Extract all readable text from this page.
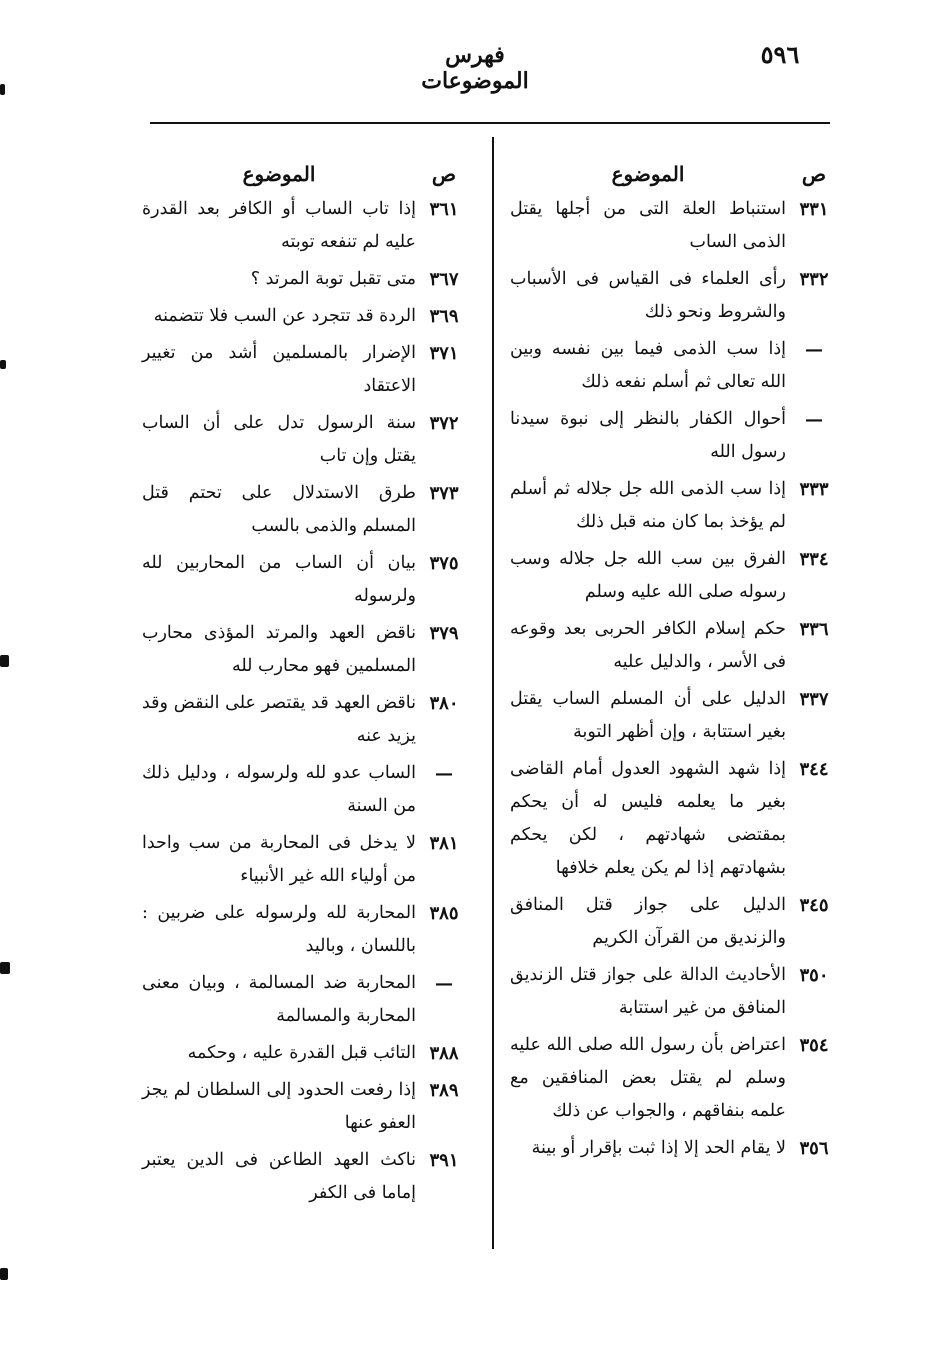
٥٩٦
فهرس الموضوعات
ص
الموضوع
٣٣١
استنباط العلة التى من أجلها يقتل الذمى الساب
٣٣٢
رأى العلماء فى القياس فى الأسباب والشروط ونحو ذلك
—
إذا سب الذمى فيما بين نفسه وبين الله تعالى ثم أسلم نفعه ذلك
—
أحوال الكفار بالنظر إلى نبوة سيدنا رسول الله
٣٣٣
إذا سب الذمى الله جل جلاله ثم أسلم لم يؤخذ بما كان منه قبل ذلك
٣٣٤
الفرق بين سب الله جل جلاله وسب رسوله صلى الله عليه وسلم
٣٣٦
حكم إسلام الكافر الحربى بعد وقوعه فى الأسر ، والدليل عليه
٣٣٧
الدليل على أن المسلم الساب يقتل بغير استتابة ، وإن أظهر التوبة
٣٤٤
إذا شهد الشهود العدول أمام القاضى بغير ما يعلمه فليس له أن يحكم بمقتضى شهادتهم ، لكن يحكم بشهادتهم إذا لم يكن يعلم خلافها
٣٤٥
الدليل على جواز قتل المنافق والزنديق من القرآن الكريم
٣٥٠
الأحاديث الدالة على جواز قتل الزنديق المنافق من غير استتابة
٣٥٤
اعتراض بأن رسول الله صلى الله عليه وسلم لم يقتل بعض المنافقين مع علمه بنفاقهم ، والجواب عن ذلك
٣٥٦
لا يقام الحد إلا إذا ثبت بإقرار أو بينة
ص
الموضوع
٣٦١
إذا تاب الساب أو الكافر بعد القدرة عليه لم تنفعه توبته
٣٦٧
متى تقبل توبة المرتد ؟
٣٦٩
الردة قد تتجرد عن السب فلا تتضمنه
٣٧١
الإضرار بالمسلمين أشد من تغيير الاعتقاد
٣٧٢
سنة الرسول تدل على أن الساب يقتل وإن تاب
٣٧٣
طرق الاستدلال على تحتم قتل المسلم والذمى بالسب
٣٧٥
بيان أن الساب من المحاربين لله ولرسوله
٣٧٩
ناقض العهد والمرتد المؤذى محارب المسلمين فهو محارب لله
٣٨٠
ناقض العهد قد يقتصر على النقض وقد يزيد عنه
—
الساب عدو لله ولرسوله ، ودليل ذلك من السنة
٣٨١
لا يدخل فى المحاربة من سب واحدا من أولياء الله غير الأنبياء
٣٨٥
المحاربة لله ولرسوله على ضربين : باللسان ، وباليد
—
المحاربة ضد المسالمة ، وبيان معنى المحاربة والمسالمة
٣٨٨
التائب قبل القدرة عليه ، وحكمه
٣٨٩
إذا رفعت الحدود إلى السلطان لم يجز العفو عنها
٣٩١
ناكث العهد الطاعن فى الدين يعتبر إماما فى الكفر
